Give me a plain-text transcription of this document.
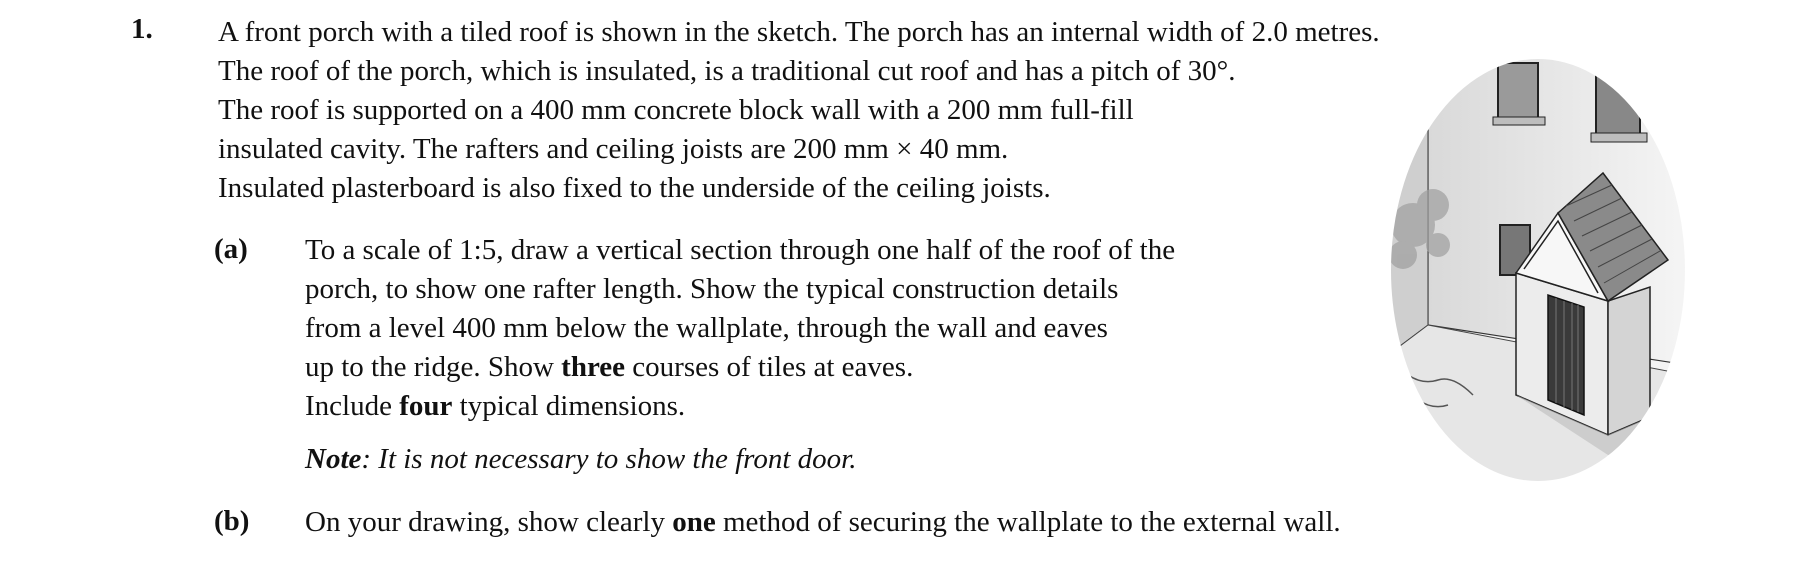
1. A front porch with a tiled roof is shown in the sketch. The porch has an internal width of 2.0 metres.
The roof of the porch, which is insulated, is a traditional cut roof and has a pitch of 30°.
The roof is supported on a 400 mm concrete block wall with a 200 mm full-fill
insulated cavity. The rafters and ceiling joists are 200 mm × 40 mm.
Insulated plasterboard is also fixed to the underside of the ceiling joists.
(a) To a scale of 1:5, draw a vertical section through one half of the roof of the
porch, to show one rafter length. Show the typical construction details
from a level 400 mm below the wallplate, through the wall and eaves
up to the ridge. Show three courses of tiles at eaves.
Include four typical dimensions.
Note: It is not necessary to show the front door.
(b) On your drawing, show clearly one method of securing the wallplate to the external wall.
